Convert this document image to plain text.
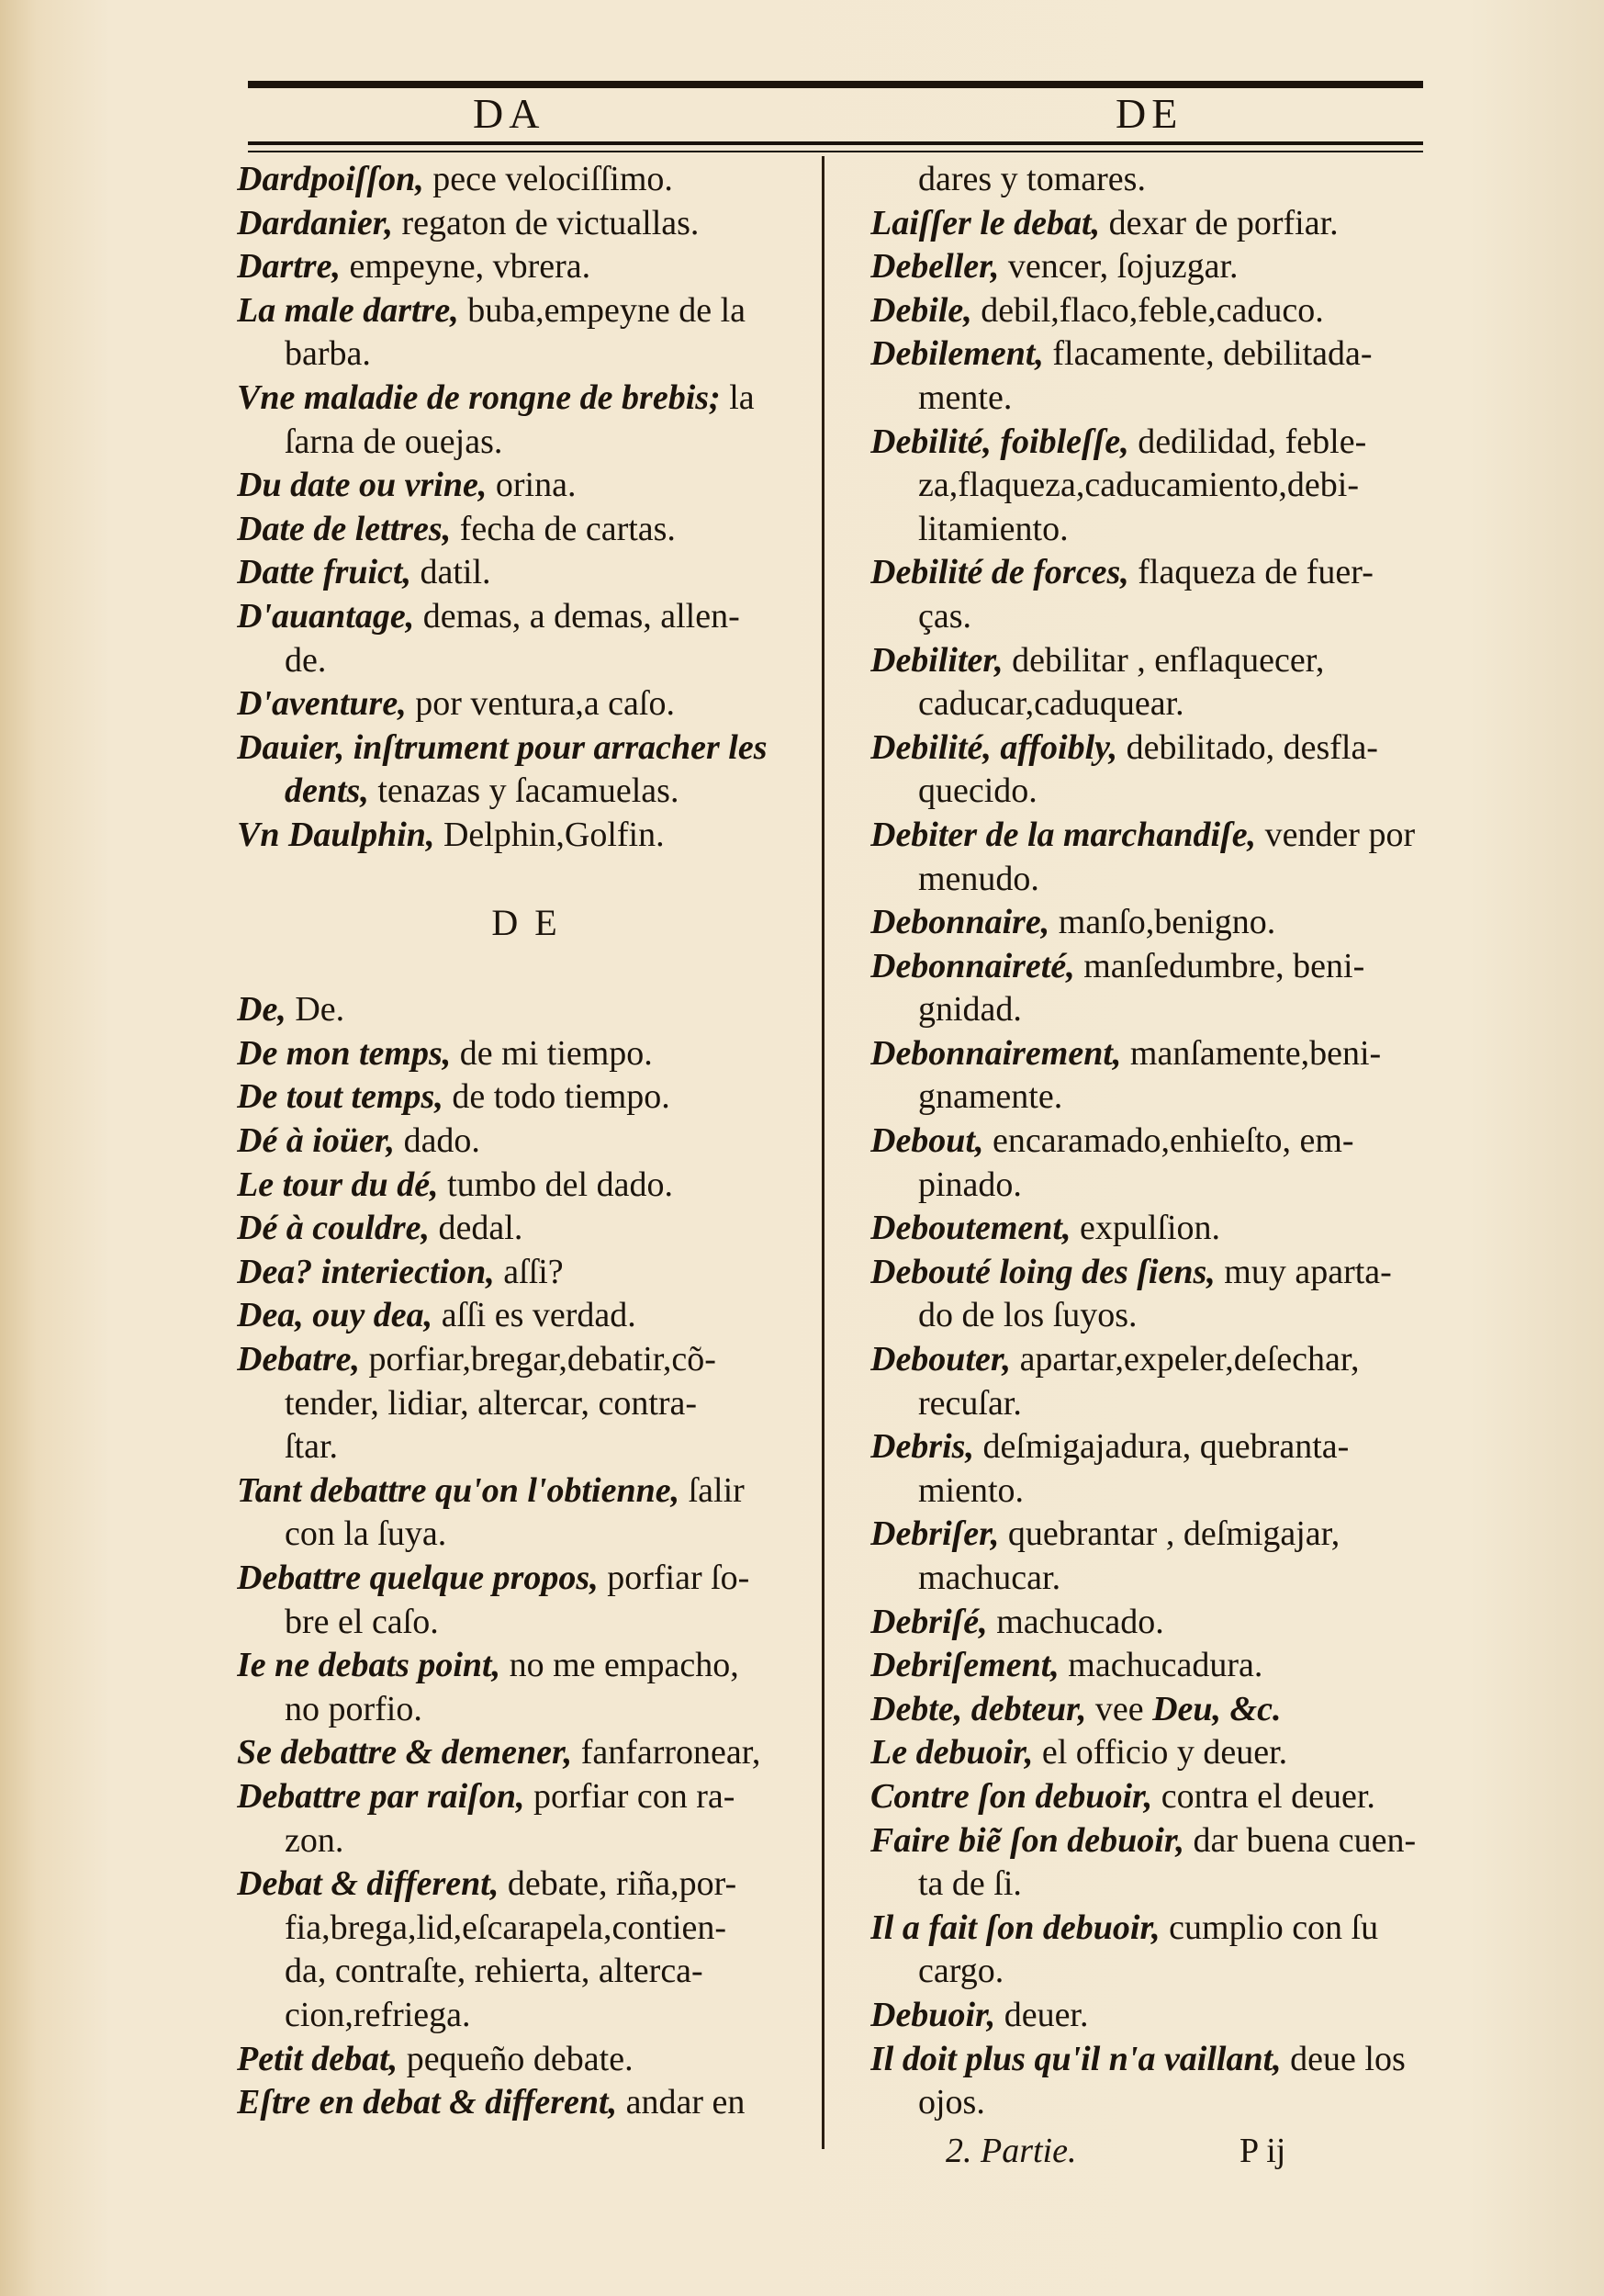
DA	DE
Dardpoiſſon, pece velociſſimo.
Dardanier, regaton de victuallas.
Dartre, empeyne, vbrera.
La male dartre, buba,empeyne de la
barba.
Vne maladie de rongne de brebis; la
ſarna de ouejas.
Du date ou vrine, orina.
Date de lettres, fecha de cartas.
Datte fruict, datil.
D'auantage, demas, a demas, allen-
de.
D'aventure, por ventura,a caſo.
Dauier, inſtrument pour arracher les
dents, tenazas y ſacamuelas.
Vn Daulphin, Delphin,Golfin.
D E
De, De.
De mon temps, de mi tiempo.
De tout temps, de todo tiempo.
Dé à ioüer, dado.
Le tour du dé, tumbo del dado.
Dé à couldre, dedal.
Dea? interiection, aſſi?
Dea, ouy dea, aſſi es verdad.
Debatre, porfiar,bregar,debatir,cõ-
tender, lidiar, altercar, contra-
ſtar.
Tant debattre qu'on l'obtienne, ſalir
con la ſuya.
Debattre quelque propos, porfiar ſo-
bre el caſo.
Ie ne debats point, no me empacho,
no porfio.
Se debattre & demener, fanfarronear,
Debattre par raiſon, porfiar con ra-
zon.
Debat & different, debate, riña,por-
fia,brega,lid,eſcarapela,contien-
da, contraſte, rehierta, alterca-
cion,refriega.
Petit debat, pequeño debate.
Eſtre en debat & different, andar en
dares y tomares.
Laiſſer le debat, dexar de porfiar.
Debeller, vencer, ſojuzgar.
Debile, debil,flaco,feble,caduco.
Debilement, flacamente, debilitada-
mente.
Debilité, foibleſſe, dedilidad, feble-
za,flaqueza,caducamiento,debi-
litamiento.
Debilité de forces, flaqueza de fuer-
ças.
Debiliter, debilitar , enflaquecer,
caducar,caduquear.
Debilité, affoibly, debilitado, desfla-
quecido.
Debiter de la marchandiſe, vender por
menudo.
Debonnaire, manſo,benigno.
Debonnaireté, manſedumbre, beni-
gnidad.
Debonnairement, manſamente,beni-
gnamente.
Debout, encaramado,enhieſto, em-
pinado.
Deboutement, expulſion.
Debouté loing des ſiens, muy aparta-
do de los ſuyos.
Debouter, apartar,expeler,deſechar,
recuſar.
Debris, deſmigajadura, quebranta-
miento.
Debriſer, quebrantar , deſmigajar,
machucar.
Debriſé, machucado.
Debriſement, machucadura.
Debte, debteur, vee Deu, &c.
Le debuoir, el officio y deuer.
Contre ſon debuoir, contra el deuer.
Faire biẽ ſon debuoir, dar buena cuen-
ta de ſi.
Il a fait ſon debuoir, cumplio con ſu
cargo.
Debuoir, deuer.
Il doit plus qu'il n'a vaillant, deue los
ojos.
2. Partie.	P ij
